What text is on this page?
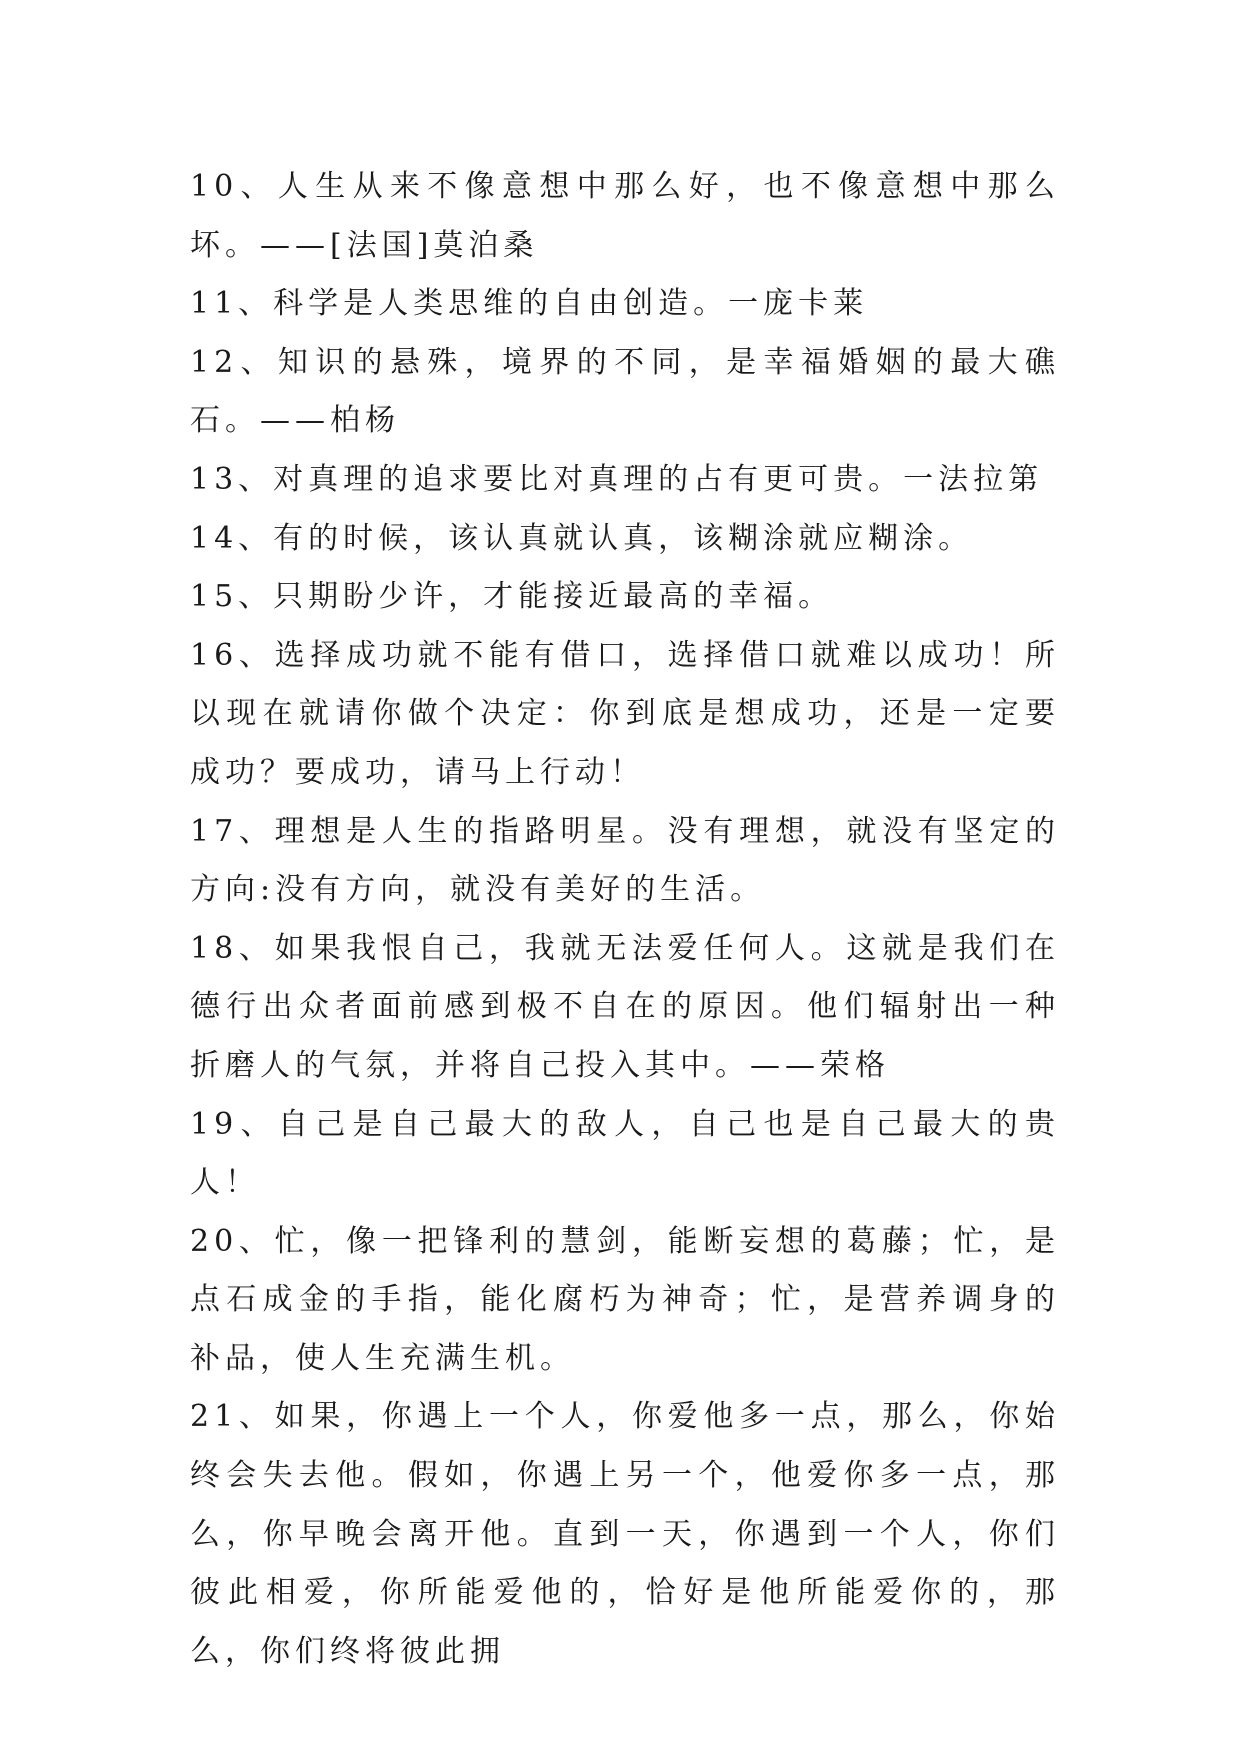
10、人生从来不像意想中那么好，也不像意想中那么坏。——[法国]莫泊桑

11、科学是人类思维的自由创造。一庞卡莱

12、知识的悬殊，境界的不同，是幸福婚姻的最大礁石。——柏杨

13、对真理的追求要比对真理的占有更可贵。一法拉第

14、有的时候，该认真就认真，该糊涂就应糊涂。

15、只期盼少许，才能接近最高的幸福。

16、选择成功就不能有借口，选择借口就难以成功！所以现在就请你做个决定：你到底是想成功，还是一定要成功？要成功，请马上行动！

17、理想是人生的指路明星。没有理想，就没有坚定的方向:没有方向，就没有美好的生活。

18、如果我恨自己，我就无法爱任何人。这就是我们在德行出众者面前感到极不自在的原因。他们辐射出一种折磨人的气氛，并将自己投入其中。——荣格

19、自己是自己最大的敌人，自己也是自己最大的贵人！

20、忙，像一把锋利的慧剑，能断妄想的葛藤；忙，是点石成金的手指，能化腐朽为神奇；忙，是营养调身的补品，使人生充满生机。

21、如果，你遇上一个人，你爱他多一点，那么，你始终会失去他。假如，你遇上另一个，他爱你多一点，那么，你早晚会离开他。直到一天，你遇到一个人，你们彼此相爱，你所能爱他的，恰好是他所能爱你的，那么，你们终将彼此拥
